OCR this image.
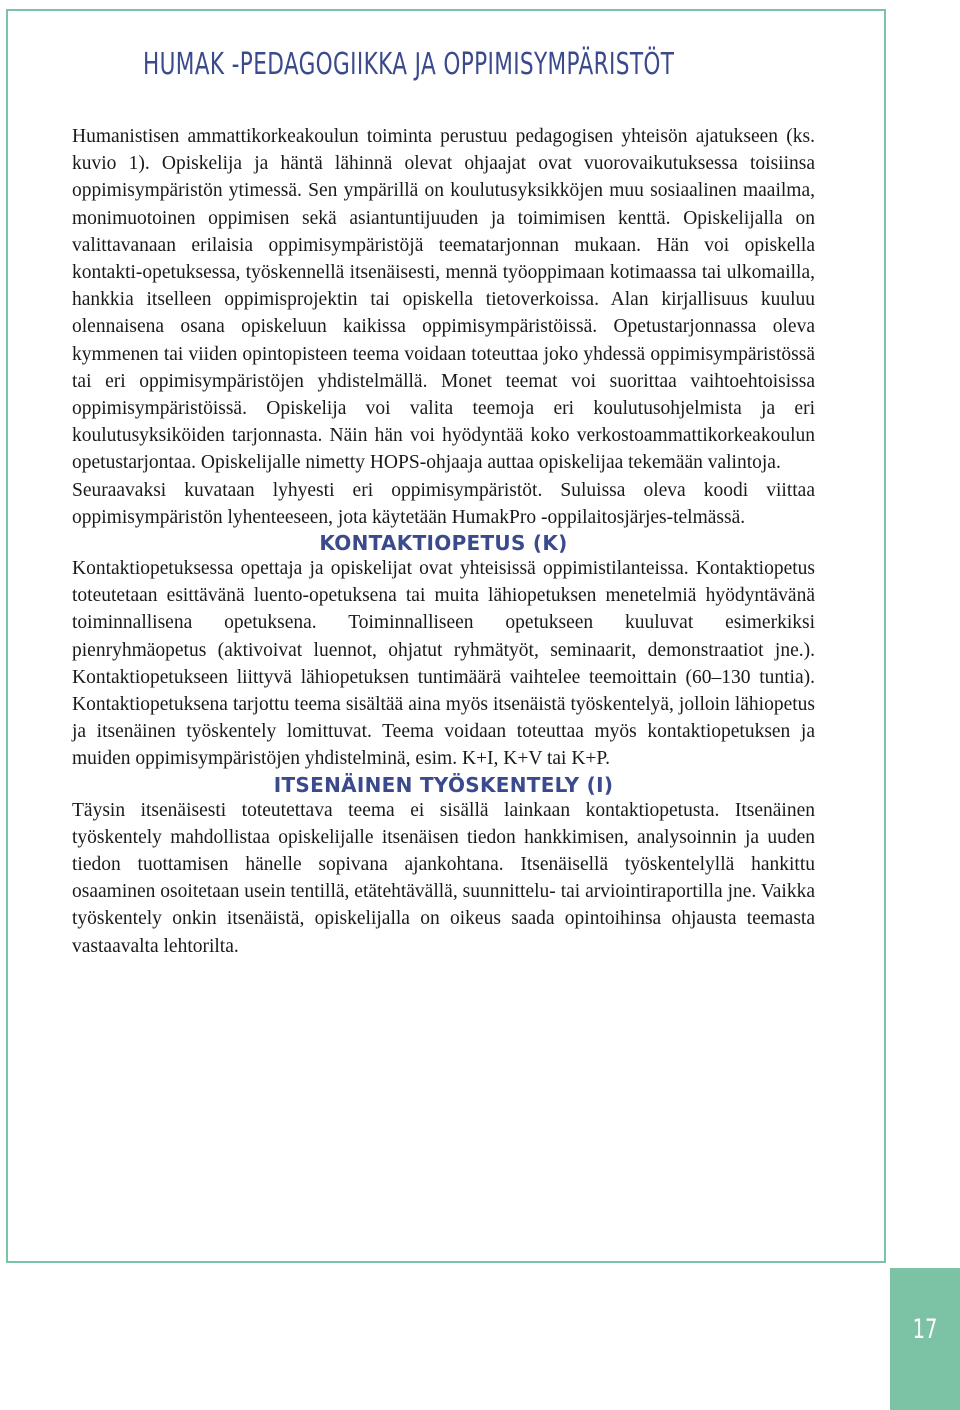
HUMAK -PEDAGOGIIKKA JA OPPIMISYMPÄRISTÖT

Humanistisen ammattikorkeakoulun toiminta perustuu pedagogisen yhteisön ajatukseen (ks. kuvio 1). Opiskelija ja häntä lähinnä olevat ohjaajat ovat vuorovaikutuksessa toisiinsa oppimisympäristön ytimessä. Sen ympärillä on koulutusyksikköjen muu sosiaalinen maailma, monimuotoinen oppimisen sekä asiantuntijuuden ja toimimisen kenttä. Opiskelijalla on valittavanaan erilaisia oppimisympäristöjä teematarjonnan mukaan. Hän voi opiskella kontakti-opetuksessa, työskennellä itsenäisesti, mennä työoppimaan kotimaassa tai ulkomailla, hankkia itselleen oppimisprojektin tai opiskella tietoverkoissa. Alan kirjallisuus kuuluu olennaisena osana opiskeluun kaikissa oppimisympäristöissä. Opetustarjonnassa oleva kymmenen tai viiden opintopisteen teema voidaan toteuttaa joko yhdessä oppimisympäristössä tai eri oppimisympäristöjen yhdistelmällä. Monet teemat voi suorittaa vaihtoehtoisissa oppimisympäristöissä. Opiskelija voi valita teemoja eri koulutusohjelmista ja eri koulutusyksiköiden tarjonnasta. Näin hän voi hyödyntää koko verkostoammattikorkeakoulun opetustarjontaa. Opiskelijalle nimetty HOPS-ohjaaja auttaa opiskelijaa tekemään valintoja.

Seuraavaksi kuvataan lyhyesti eri oppimisympäristöt. Suluissa oleva koodi viittaa oppimisympäristön lyhenteeseen, jota käytetään HumakPro -oppilaitosjärjes-telmässä.

KONTAKTIOPETUS (K)

Kontaktiopetuksessa opettaja ja opiskelijat ovat yhteisissä oppimistilanteissa. Kontaktiopetus toteutetaan esittävänä luento-opetuksena tai muita lähiopetuksen menetelmiä hyödyntävänä toiminnallisena opetuksena. Toiminnalliseen opetukseen kuuluvat esimerkiksi pienryhmäopetus (aktivoivat luennot, ohjatut ryhmätyöt, seminaarit, demonstraatiot jne.). Kontaktiopetukseen liittyvä lähiopetuksen tuntimäärä vaihtelee teemoittain (60–130 tuntia). Kontaktiopetuksena tarjottu teema sisältää aina myös itsenäistä työskentelyä, jolloin lähiopetus ja itsenäinen työskentely lomittuvat. Teema voidaan toteuttaa myös kontaktiopetuksen ja muiden oppimisympäristöjen yhdistelminä, esim. K+I, K+V tai K+P.

ITSENÄINEN TYÖSKENTELY (I)

Täysin itsenäisesti toteutettava teema ei sisällä lainkaan kontaktiopetusta. Itsenäinen työskentely mahdollistaa opiskelijalle itsenäisen tiedon hankkimisen, analysoinnin ja uuden tiedon tuottamisen hänelle sopivana ajankohtana. Itsenäisellä työskentelyllä hankittu osaaminen osoitetaan usein tentillä, etätehtävällä, suunnittelu- tai arviointiraportilla jne. Vaikka työskentely onkin itsenäistä, opiskelijalla on oikeus saada opintoihinsa ohjausta teemasta vastaavalta lehtorilta.

17
